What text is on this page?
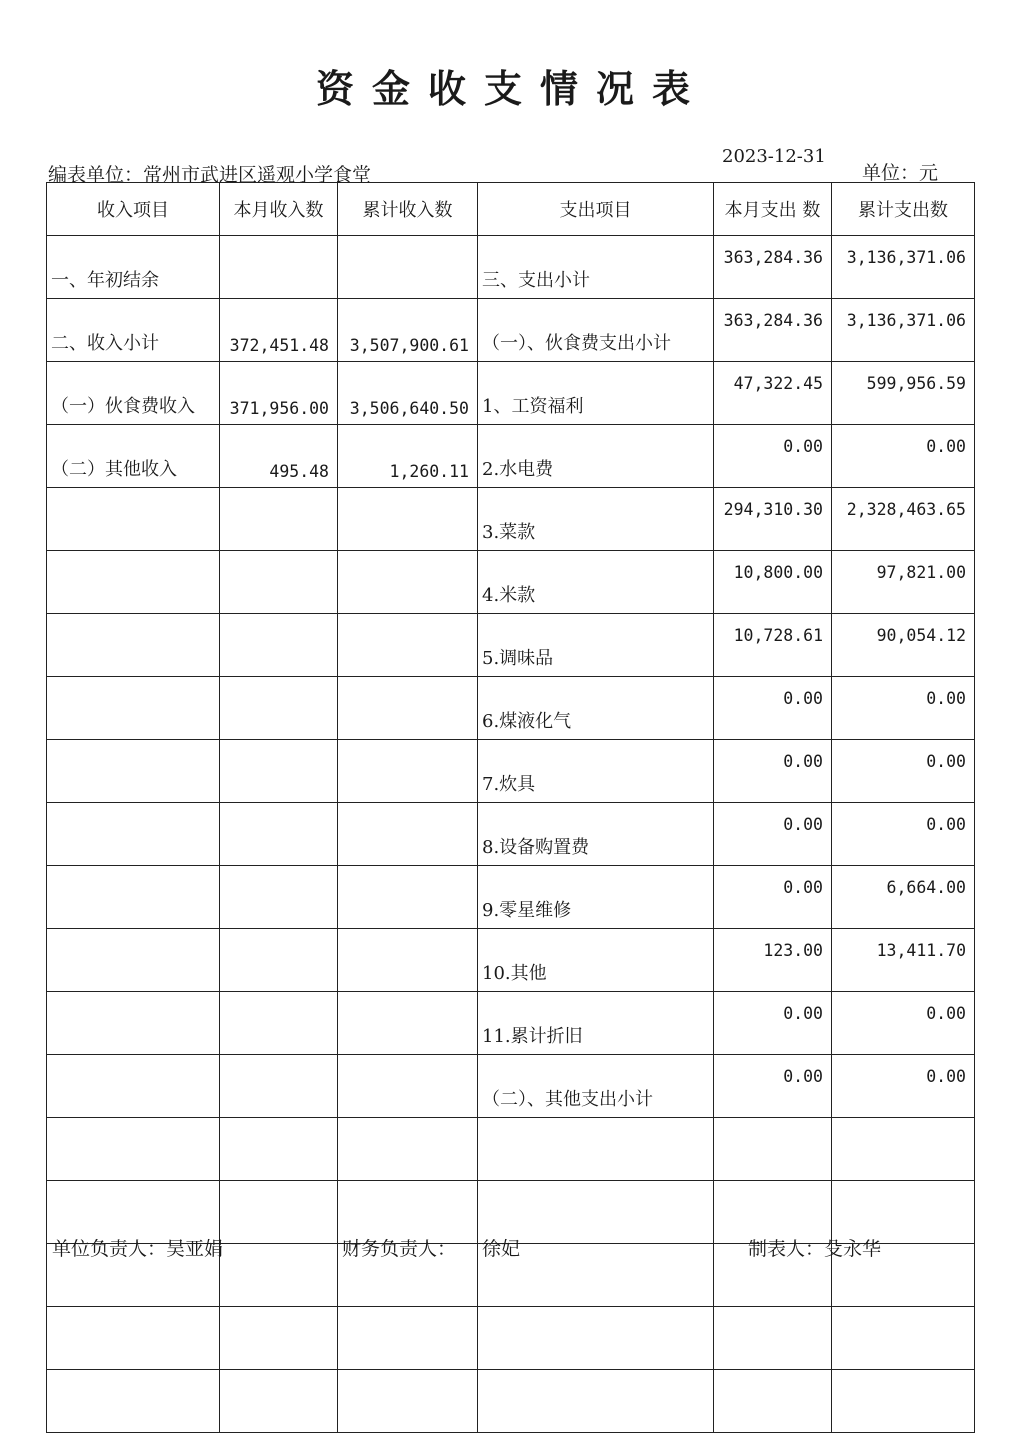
资金收支情况表
编表单位：常州市武进区遥观小学食堂
2023-12-31
单位：元
收入项目	本月收入数	累计收入数	支出项目	本月支出 数	累计支出数
一、年初结余			三、支出小计	363,284.36	3,136,371.06
二、收入小计	372,451.48	3,507,900.61	（一）、伙食费支出小计	363,284.36	3,136,371.06
（一）伙食费收入	371,956.00	3,506,640.50	1、工资福利	47,322.45	599,956.59
（二）其他收入	495.48	1,260.11	2.水电费	0.00	0.00
			3.菜款	294,310.30	2,328,463.65
			4.米款	10,800.00	97,821.00
			5.调味品	10,728.61	90,054.12
			6.煤液化气	0.00	0.00
			7.炊具	0.00	0.00
			8.设备购置费	0.00	0.00
			9.零星维修	0.00	6,664.00
			10.其他	123.00	13,411.70
			11.累计折旧	0.00	0.00
			（二）、其他支出小计	0.00	0.00

单位负责人：吴亚娟	财务负责人： 徐妃	制表人：殳永华
